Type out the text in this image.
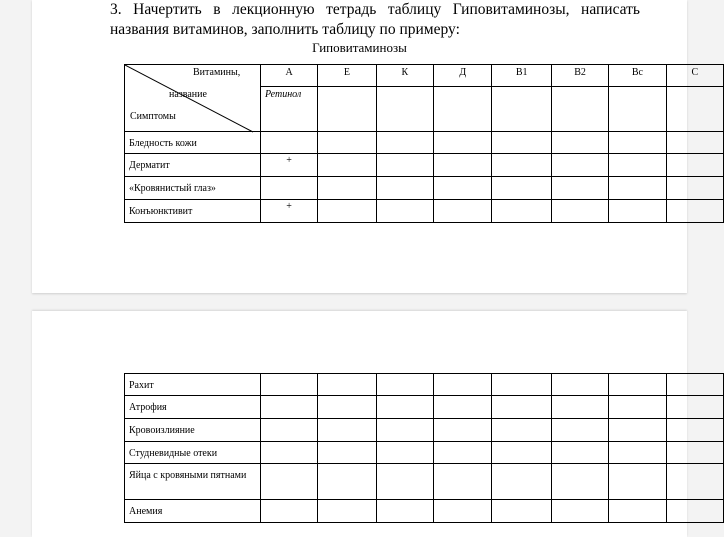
3. Начертить в лекционную тетрадь таблицу Гиповитаминозы, написать названия витаминов, заполнить таблицу по примеру:
Гиповитаминозы
Витамины,
название
Симптомы	А	Е	К	Д	В1	В2	Вс	С
	Ретинол							
Бледность кожи								
Дерматит	+							
«Кровянистый глаз»								
Конъюнктивит	+							
Рахит								
Атрофия								
Кровоизлияние								
Студневидные отеки								
Яйца с кровяными пятнами								
Анемия								
